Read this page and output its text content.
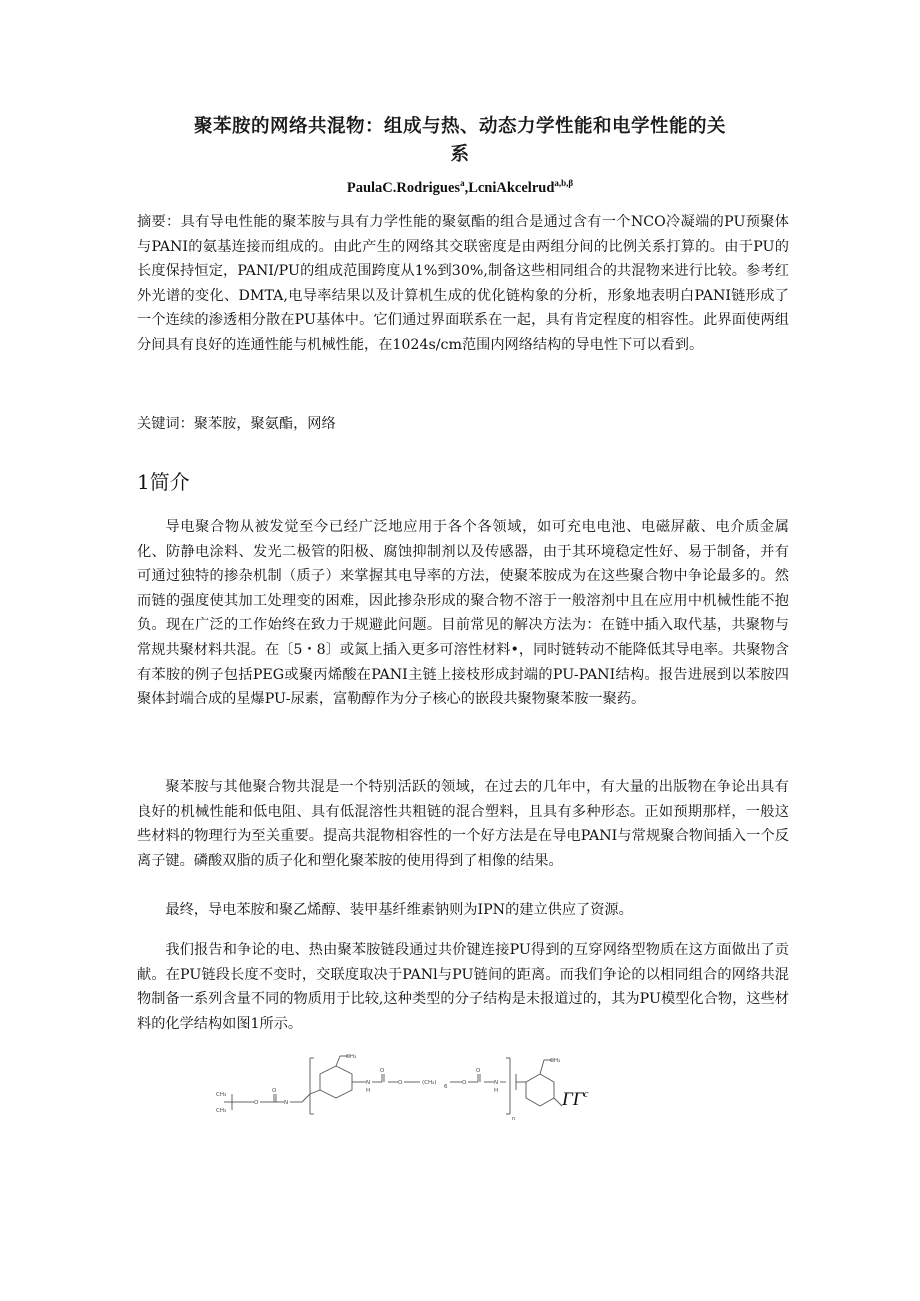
聚苯胺的网络共混物：组成与热、动态力学性能和电学性能的关
系
PaulaC.Rodrigues$^a$,LcniAkcelrud$^{a,b,\beta}$
摘要：具有导电性能的聚苯胺与具有力学性能的聚氨酯的组合是通过含有一个NCO冷凝端的PU预聚体与PANI的氨基连接而组成的。由此产生的网络其交联密度是由两组分间的比例关系打算的。由于PU的长度保持恒定，PANI/PU的组成范围跨度从1%到30%,制备这些相同组合的共混物来进行比较。参考红外光谱的变化、DMTA,电导率结果以及计算机生成的优化链构象的分析，形象地表明白PANI链形成了一个连续的渗透相分散在PU基体中。它们通过界面联系在一起，具有肯定程度的相容性。此界面使两组分间具有良好的连通性能与机械性能，在1024s∕cm范围内网络结构的导电性下可以看到。
关键词：聚苯胺，聚氨酯，网络
1简介

导电聚合物从被发觉至今已经广泛地应用于各个各领域，如可充电电池、电磁屏蔽、电介质金属化、防静电涂料、发光二极管的阳极、腐蚀抑制剂以及传感器，由于其环境稳定性好、易于制备，并有可通过独特的掺杂机制（质子）来掌握其电导率的方法，使聚苯胺成为在这些聚合物中争论最多的。然而链的强度使其加工处理变的困难，因此掺杂形成的聚合物不溶于一般溶剂中且在应用中机械性能不抱负。现在广泛的工作始终在致力于规避此问题。目前常见的解决方法为：在链中插入取代基，共聚物与常规共聚材料共混。在〔5・8〕或氮上插入更多可溶性材料•，同时链转动不能降低其导电率。共聚物含有苯胺的例子包括PEG或聚丙烯酸在PANI主链上接枝形成封端的PU-PANI结构。报告进展到以苯胺四聚体封端合成的星爆PU-尿素，富勒醇作为分子核心的嵌段共聚物聚苯胺一聚药。

聚苯胺与其他聚合物共混是一个特别活跃的领域，在过去的几年中，有大量的出版物在争论出具有良好的机械性能和低电阻、具有低混溶性共粗链的混合塑料，且具有多种形态。正如预期那样，一般这些材料的物理行为至关重要。提高共混物相容性的一个好方法是在导电PANI与常规聚合物间插入一个反离子键。磷酸双脂的质子化和塑化聚苯胺的使用得到了相像的结果。

最终，导电苯胺和聚乙烯醇、装甲基纤维素钠则为IPN的建立供应了资源。

我们报告和争论的电、热由聚苯胺链段通过共价键连接PU得到的互穿网络型物质在这方面做出了贡献。在PU链段长度不变时，交联度取决于PANl与PU链间的距离。而我们争论的以相同组合的网络共混物制备一系列含量不同的物质用于比较,这种类型的分子结构是未报道过的，其为PU模型化合物，这些材料的化学结构如图1所示。

CH₃
CH₃
O
O
N
N
H
O
O	(CH₂)
6
O
O
N
H
n
CH₃
CH₃
$\Gamma\Gamma^c$
